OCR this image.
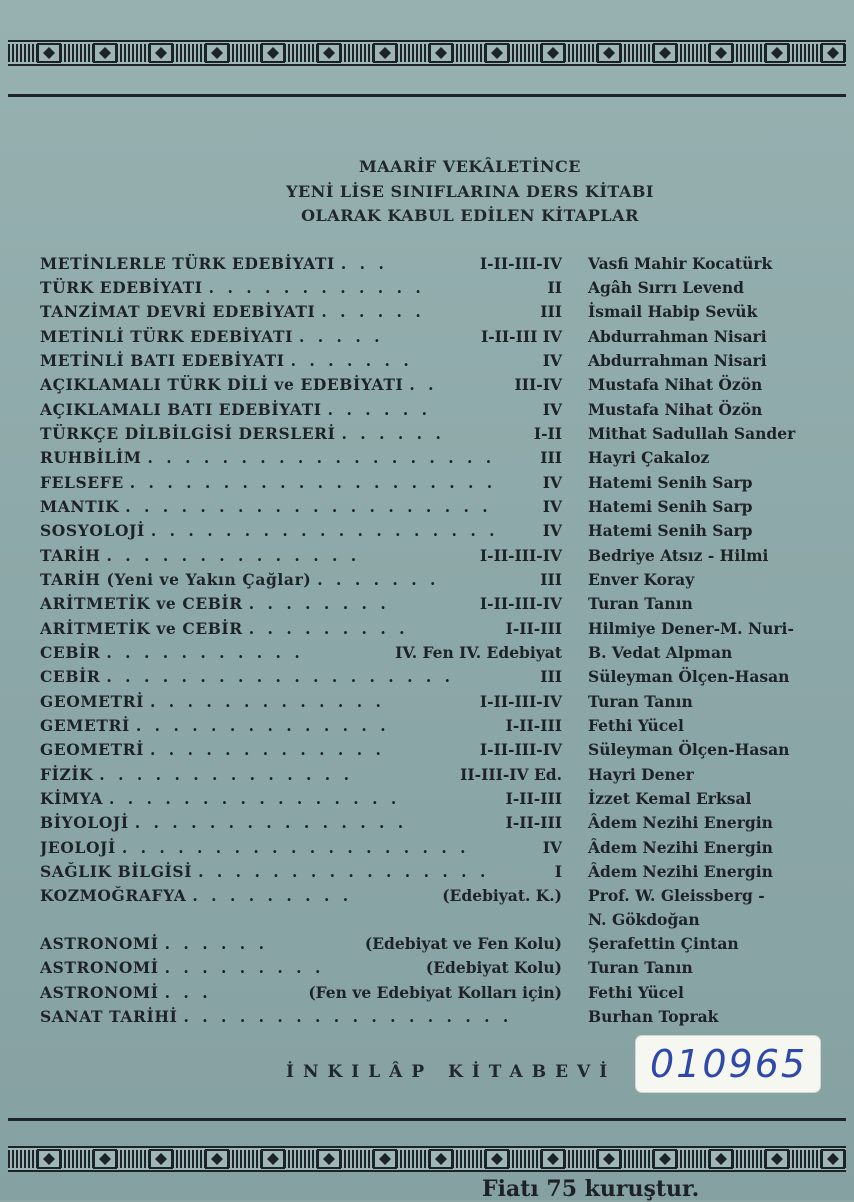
MAARİF VEKÂLETİNCE
YENİ LİSE SINIFLARINA DERS KİTABI
OLARAK KABUL EDİLEN KİTAPLAR
METİNLERLE TÜRK EDEBİYATI . . .	I-II-III-IV Vasfi Mahir Kocatürk
TÜRK EDEBİYATI . . . . . . . . . . . .	II Agâh Sırrı Levend
TANZİMAT DEVRİ EDEBİYATI . . . . . .	III İsmail Habip Sevük
METİNLİ TÜRK EDEBİYATI . . . . .	I-II-III IV Abdurrahman Nisari
METİNLİ BATI EDEBİYATI . . . . . . .	IV Abdurrahman Nisari
AÇIKLAMALI TÜRK DİLİ ve EDEBİYATI . .	III-IV Mustafa Nihat Özön
AÇIKLAMALI BATI EDEBİYATI . . . . . .	IV Mustafa Nihat Özön
TÜRKÇE DİLBİLGİSİ DERSLERİ . . . . . .	I-II Mithat Sadullah Sander
RUHBİLİM . . . . . . . . . . . . . . . . . . .	III Hayri Çakaloz
FELSEFE . . . . . . . . . . . . . . . . . . . .	IV Hatemi Senih Sarp
MANTIK . . . . . . . . . . . . . . . . . . . .	IV Hatemi Senih Sarp
SOSYOLOJİ . . . . . . . . . . . . . . . . . . .	IV Hatemi Senih Sarp
TARİH . . . . . . . . . . . . . .	I-II-III-IV Bedriye Atsız - Hilmi
TARİH (Yeni ve Yakın Çağlar) . . . . . . .	III Enver Koray
ARİTMETİK ve CEBİR . . . . . . . .	I-II-III-IV Turan Tanın
ARİTMETİK ve CEBİR . . . . . . . . .	I-II-III Hilmiye Dener-M. Nuri-
CEBİR . . . . . . . . . . .	IV. Fen IV. Edebiyat B. Vedat Alpman
CEBİR . . . . . . . . . . . . . . . . . . .	III Süleyman Ölçen-Hasan
GEOMETRİ . . . . . . . . . . . . .	I-II-III-IV Turan Tanın
GEMETRİ . . . . . . . . . . . . . .	I-II-III Fethi Yücel
GEOMETRİ . . . . . . . . . . . . .	I-II-III-IV Süleyman Ölçen-Hasan
FİZİK . . . . . . . . . . . . . .	II-III-IV Ed. Hayri Dener
KİMYA . . . . . . . . . . . . . . . .	I-II-III İzzet Kemal Erksal
BİYOLOJİ . . . . . . . . . . . . . . .	I-II-III Âdem Nezihi Energin
JEOLOJİ . . . . . . . . . . . . . . . . . . .	IV Âdem Nezihi Energin
SAĞLIK BİLGİSİ . . . . . . . . . . . . . . . .	I Âdem Nezihi Energin
KOZMOĞRAFYA . . . . . . . . .	(Edebiyat. K.) Prof. W. Gleissberg -
N. Gökdoğan
ASTRONOMİ . . . . . .	(Edebiyat ve Fen Kolu) Şerafettin Çintan
ASTRONOMİ . . . . . . . . .	(Edebiyat Kolu) Turan Tanın
ASTRONOMİ . . .	(Fen ve Edebiyat Kolları için) Fethi Yücel
SANAT TARİHİ . . . . . . . . . . . . . . . . . .	Burhan Toprak
İNKILÂP KİTABEVİ 010965
Fiatı 75 kuruştur.
